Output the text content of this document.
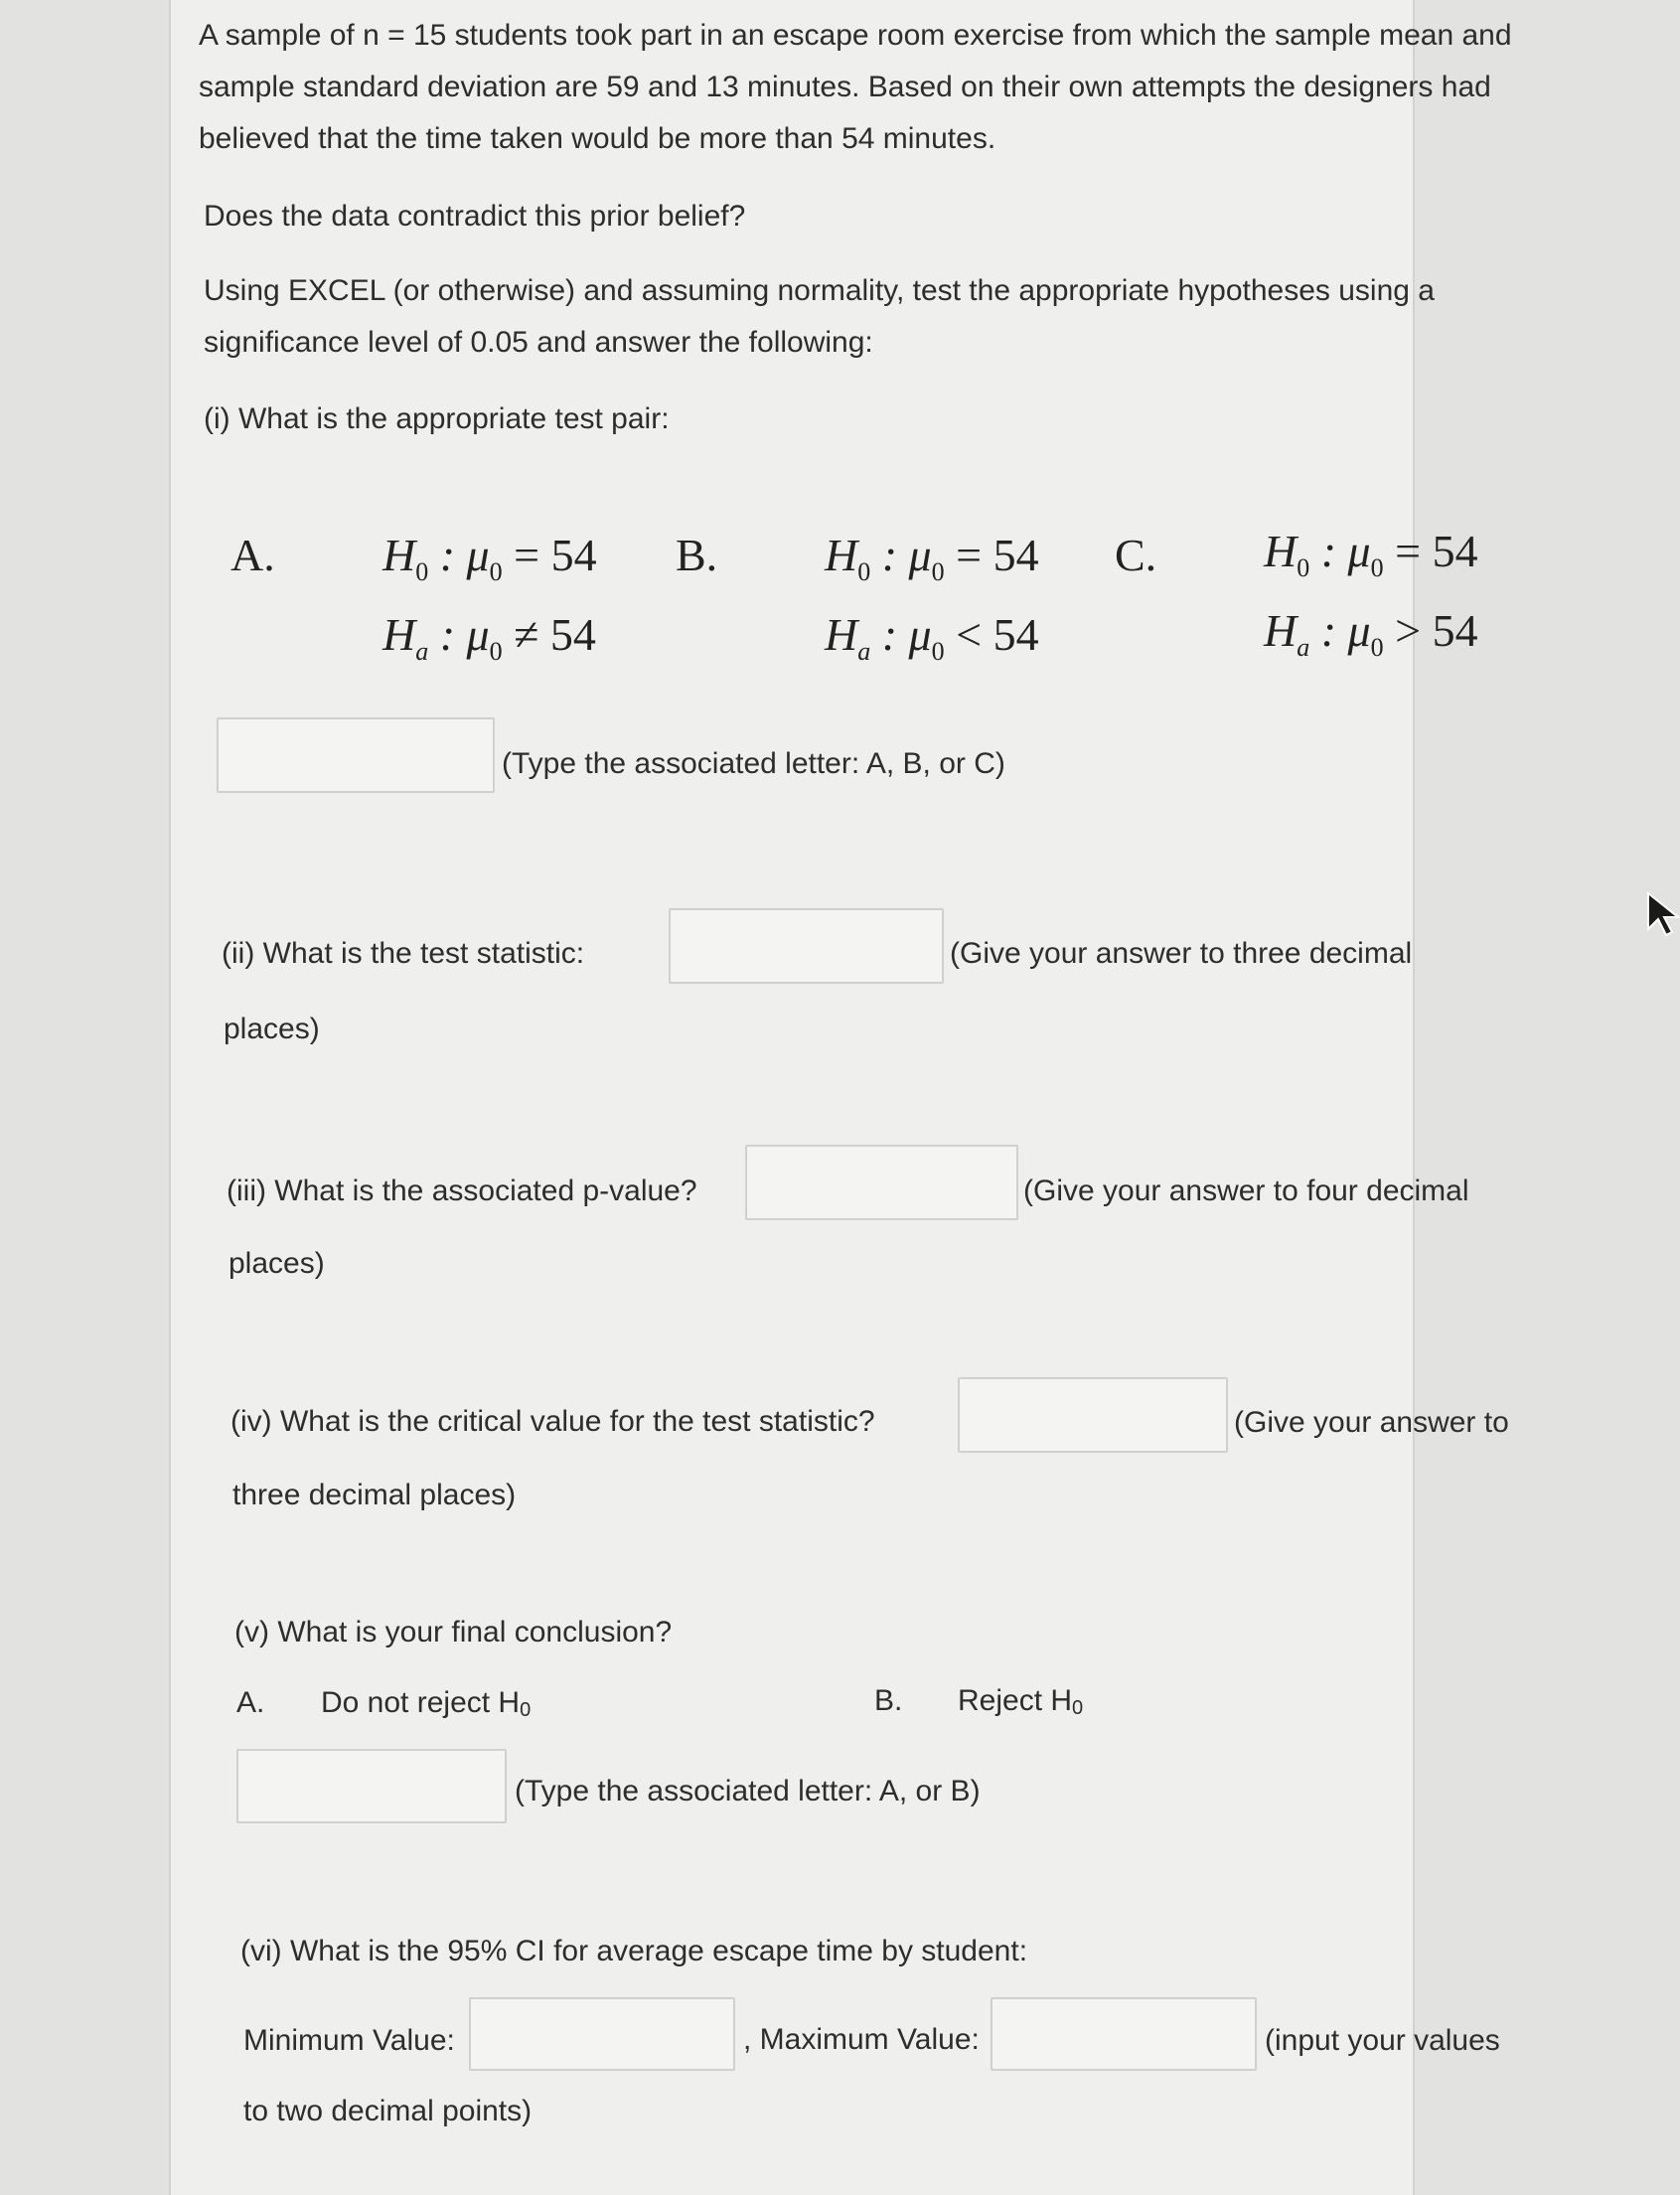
A sample of n = 15 students took part in an escape room exercise from which the sample mean and sample standard deviation are 59 and 13 minutes. Based on their own attempts the designers had believed that the time taken would be more than 54 minutes.
Does the data contradict this prior belief?
Using EXCEL (or otherwise) and assuming normality, test the appropriate hypotheses using a significance level of 0.05 and answer the following:
(i) What is the appropriate test pair:
A. $H_0$ : $\mu_0 = 54$
$H_a$ : $\mu_0 \ne 54$
B. $H_0$ : $\mu_0 = 54$
$H_a$ : $\mu_0 < 54$
C. $H_0$ : $\mu_0 = 54$
$H_a$ : $\mu_0 > 54$
(Type the associated letter: A, B, or C)
(ii) What is the test statistic:	(Give your answer to three decimal
places)
(iii) What is the associated p-value?	(Give your answer to four decimal
places)
(iv) What is the critical value for the test statistic?	(Give your answer to
three decimal places)
(v) What is your final conclusion?
A. Do not reject H0	B. Reject H0
(Type the associated letter: A, or B)
(vi) What is the 95% CI for average escape time by student:
Minimum Value:	, Maximum Value:	(input your values
to two decimal points)
